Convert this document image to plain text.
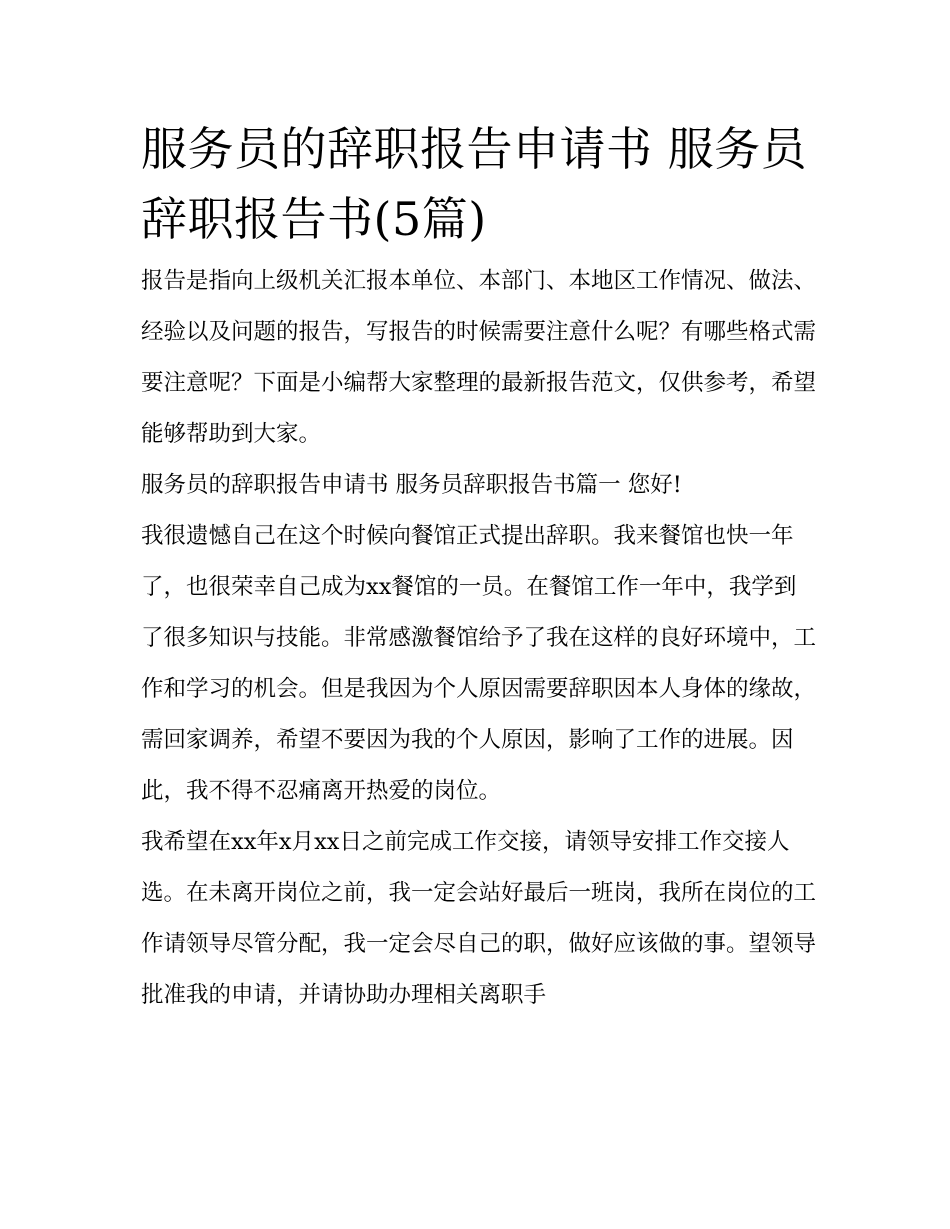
服务员的辞职报告申请书 服务员辞职报告书(5篇)

报告是指向上级机关汇报本单位、本部门、本地区工作情况、做法、经验以及问题的报告，写报告的时候需要注意什么呢？有哪些格式需要注意呢？下面是小编帮大家整理的最新报告范文，仅供参考，希望能够帮助到大家。

服务员的辞职报告申请书 服务员辞职报告书篇一 您好!

我很遗憾自己在这个时候向餐馆正式提出辞职。我来餐馆也快一年了，也很荣幸自己成为xx餐馆的一员。在餐馆工作一年中，我学到了很多知识与技能。非常感激餐馆给予了我在这样的良好环境中，工作和学习的机会。但是我因为个人原因需要辞职因本人身体的缘故，需回家调养，希望不要因为我的个人原因，影响了工作的进展。因此，我不得不忍痛离开热爱的岗位。

我希望在xx年x月xx日之前完成工作交接，请领导安排工作交接人选。在未离开岗位之前，我一定会站好最后一班岗，我所在岗位的工作请领导尽管分配，我一定会尽自己的职，做好应该做的事。望领导批准我的申请，并请协助办理相关离职手
